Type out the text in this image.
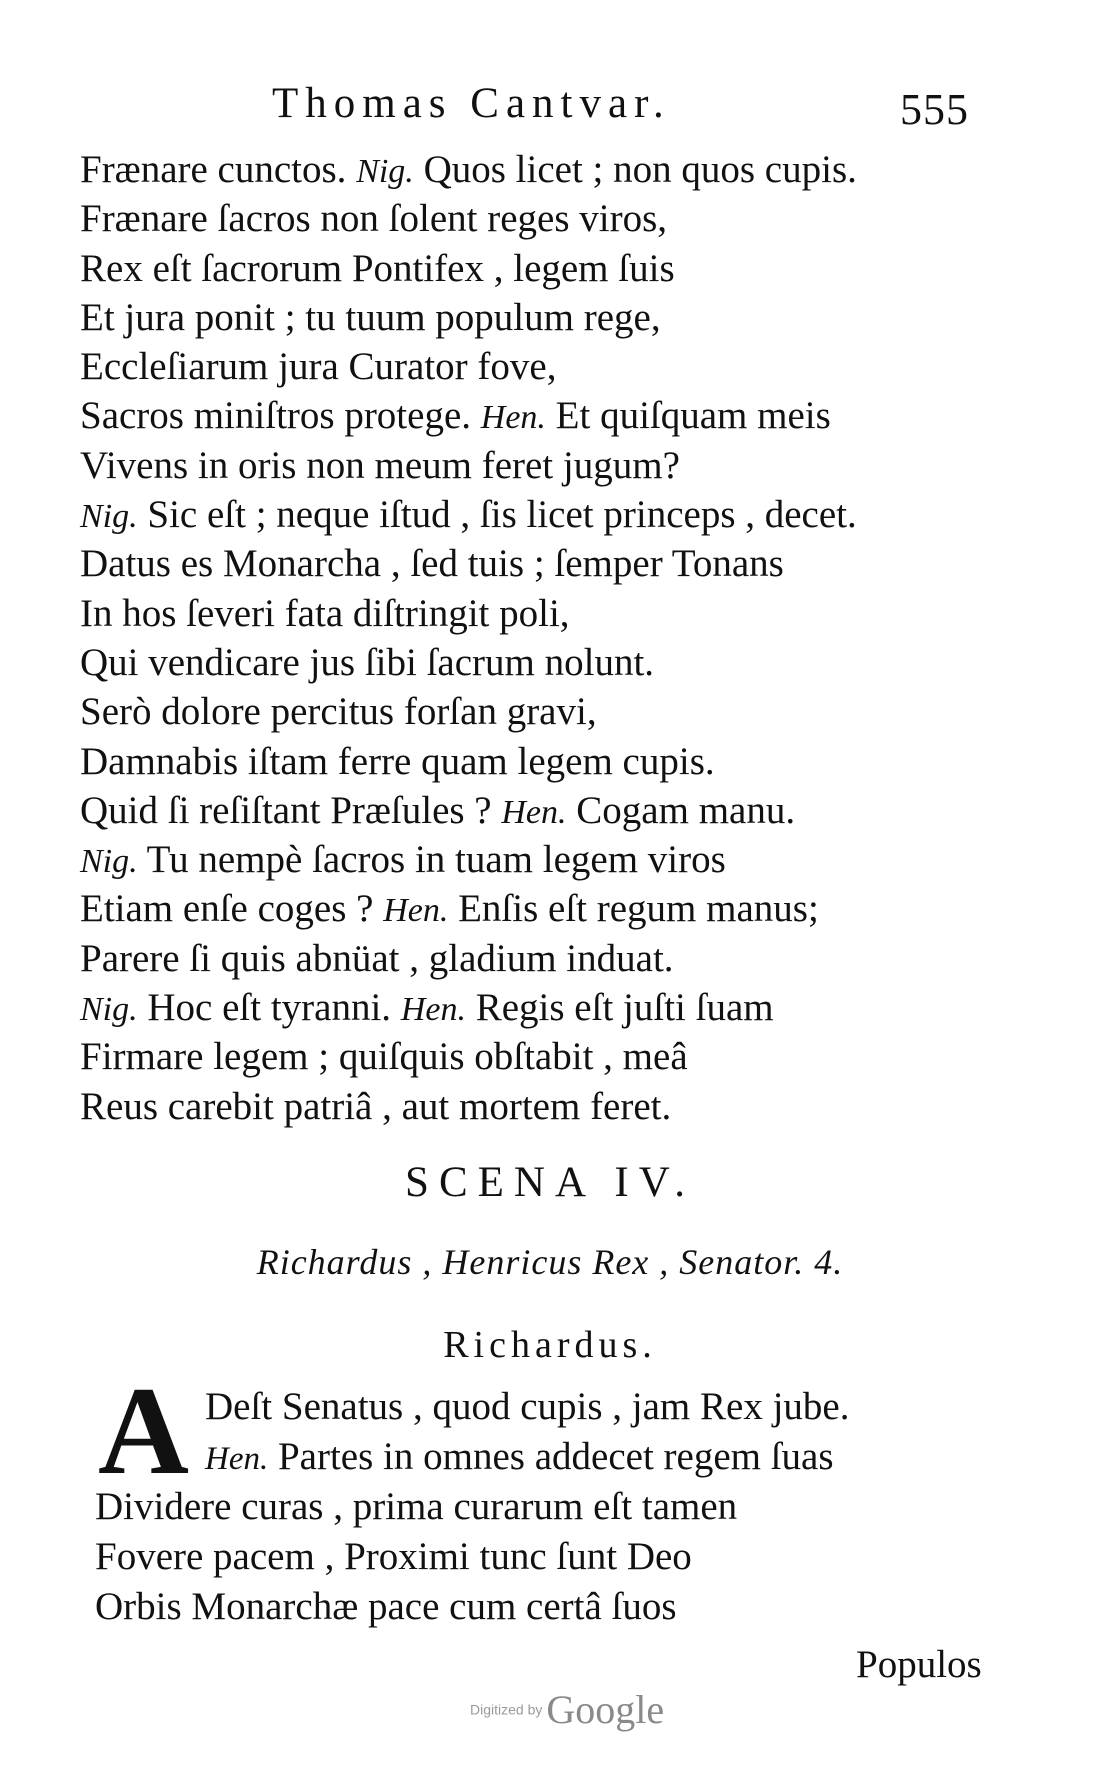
Thomas Cantvar.	555
Frænare cunctos. Nig. Quos licet ; non quos cupis.
Frænare ſacros non ſolent reges viros,
Rex eſt ſacrorum Pontifex , legem ſuis
Et jura ponit ; tu tuum populum rege,
Eccleſiarum jura Curator fove,
Sacros miniſtros protege. Hen. Et quiſquam meis
Vivens in oris non meum feret jugum?
Nig. Sic eſt ; neque iſtud , ſis licet princeps , decet.
Datus es Monarcha , ſed tuis ; ſemper Tonans
In hos ſeveri fata diſtringit poli,
Qui vendicare jus ſibi ſacrum nolunt.
Serò dolore percitus forſan gravi,
Damnabis iſtam ferre quam legem cupis.
Quid ſi reſiſtant Præſules ? Hen. Cogam manu.
Nig. Tu nempè ſacros in tuam legem viros
Etiam enſe coges ? Hen. Enſis eſt regum manus;
Parere ſi quis abnüat , gladium induat.
Nig. Hoc eſt tyranni. Hen. Regis eſt juſti ſuam
Firmare legem ; quiſquis obſtabit , meâ
Reus carebit patriâ , aut mortem feret.
SCENA IV.
Richardus , Henricus Rex , Senator. 4.
Richardus.
A Deſt Senatus , quod cupis , jam Rex jube.
Hen. Partes in omnes addecet regem ſuas
Dividere curas , prima curarum eſt tamen
Fovere pacem , Proximi tunc ſunt Deo
Orbis Monarchæ pace cum certâ ſuos
Populos
Digitized by Google
